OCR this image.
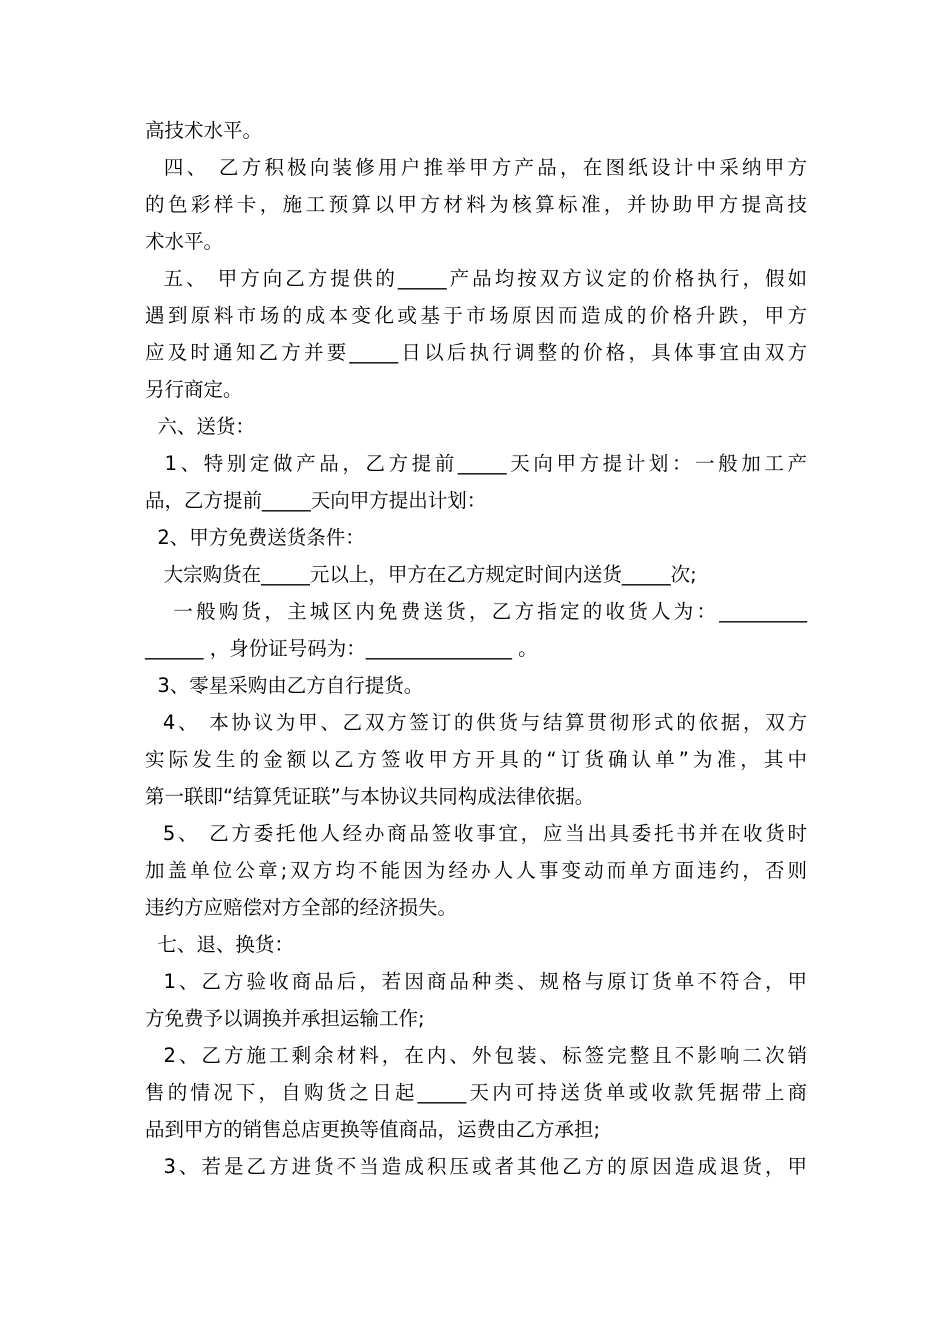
高技术水平。
四、 乙方积极向装修用户推举甲方产品，在图纸设计中采纳甲方
的色彩样卡，施工预算以甲方材料为核算标准，并协助甲方提高技
术水平。
五、 甲方向乙方提供的_____产品均按双方议定的价格执行，假如
遇到原料市场的成本变化或基于市场原因而造成的价格升跌，甲方
应及时通知乙方并要_____日以后执行调整的价格，具体事宜由双方
另行商定。
六、送货：
1、特别定做产品，乙方提前_____天向甲方提计划：一般加工产
品，乙方提前_____天向甲方提出计划：
2、甲方免费送货条件：
大宗购货在_____元以上，甲方在乙方规定时间内送货_____次;
一般购货，主城区内免费送货，乙方指定的收货人为：_________
______ ，身份证号码为：_______________ 。
3、零星采购由乙方自行提货。
4、 本协议为甲、乙双方签订的供货与结算贯彻形式的依据，双方
实际发生的金额以乙方签收甲方开具的“订货确认单”为准，其中
第一联即“结算凭证联”与本协议共同构成法律依据。
5、 乙方委托他人经办商品签收事宜，应当出具委托书并在收货时
加盖单位公章;双方均不能因为经办人人事变动而单方面违约，否则
违约方应赔偿对方全部的经济损失。
七、退、换货：
1、乙方验收商品后，若因商品种类、规格与原订货单不符合，甲
方免费予以调换并承担运输工作;
2、乙方施工剩余材料，在内、外包装、标签完整且不影响二次销
售的情况下，自购货之日起_____天内可持送货单或收款凭据带上商
品到甲方的销售总店更换等值商品，运费由乙方承担;
3、若是乙方进货不当造成积压或者其他乙方的原因造成退货，甲
